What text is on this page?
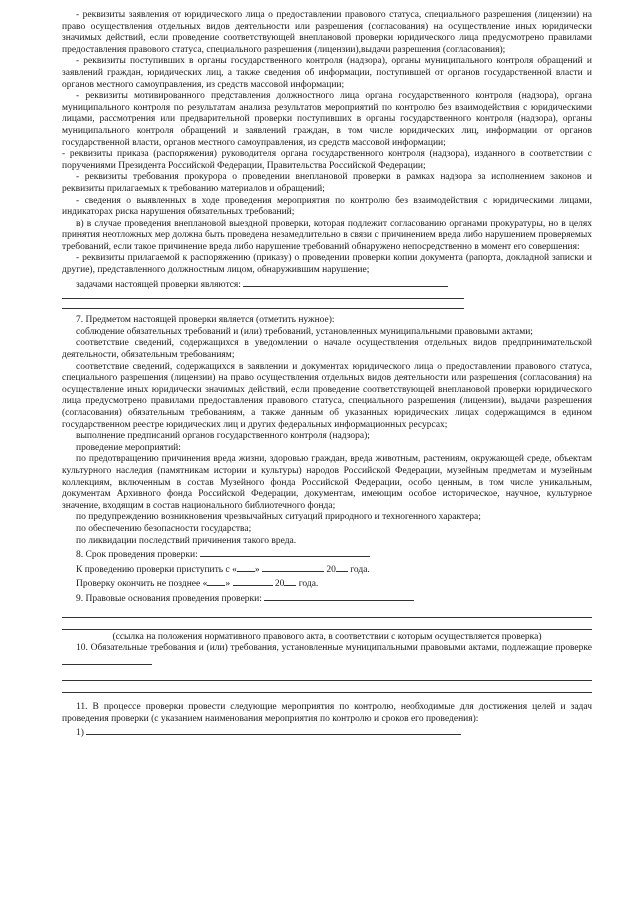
- реквизиты заявления от юридического лица о предоставлении правового статуса, специального разрешения (лицензии) на право осуществления отдельных видов деятельности или разрешения (согласования) на осуществление иных юридически значимых действий, если проведение соответствующей внеплановой проверки юридического лица предусмотрено правилами предоставления правового статуса, специального разрешения (лицензии),выдачи разрешения (согласования);

- реквизиты поступивших в органы государственного контроля (надзора), органы муниципального контроля обращений и заявлений граждан, юридических лиц, а также сведения об информации, поступившей от органов государственной власти и органов местного самоуправления, из средств массовой информации;

- реквизиты мотивированного представления должностного лица органа государственного контроля (надзора), органа муниципального контроля по результатам анализа результатов мероприятий по контролю без взаимодействия с юридическими лицами, рассмотрения или предварительной проверки поступивших в органы государственного контроля (надзора), органы муниципального контроля обращений и заявлений граждан, в том числе юридических лиц, информации от органов государственной власти, органов местного самоуправления, из средств массовой информации;

- реквизиты приказа (распоряжения) руководителя органа государственного контроля (надзора), изданного в соответствии с поручениями Президента Российской Федерации, Правительства Российской Федерации;

- реквизиты требования прокурора о проведении внеплановой проверки в рамках надзора за исполнением законов и реквизиты прилагаемых к требованию материалов и обращений;

- сведения о выявленных в ходе проведения мероприятия по контролю без взаимодействия с юридическими лицами, индикаторах риска нарушения обязательных требований;

в) в случае проведения внеплановой выездной проверки, которая подлежит согласованию органами прокуратуры, но в целях принятия неотложных мер должна быть проведена незамедлительно в связи с причинением вреда либо нарушением проверяемых требований, если такое причинение вреда либо нарушение требований обнаружено непосредственно в момент его совершения:

- реквизиты прилагаемой к распоряжению (приказу) о проведении проверки копии документа (рапорта, докладной записки и другие), представленного должностным лицом, обнаружившим нарушение;

задачами настоящей проверки являются:

7. Предметом настоящей проверки является (отметить нужное):

соблюдение обязательных требований и (или) требований, установленных муниципальными правовыми актами;

соответствие сведений, содержащихся в уведомлении о начале осуществления отдельных видов предпринимательской деятельности, обязательным требованиям;

соответствие сведений, содержащихся в заявлении и документах юридического лица о предоставлении правового статуса, специального разрешения (лицензии) на право осуществления отдельных видов деятельности или разрешения (согласования) на осуществление иных юридически значимых действий, если проведение соответствующей внеплановой проверки юридического лица предусмотрено правилами предоставления правового статуса, специального разрешения (лицензии), выдачи разрешения (согласования) обязательным требованиям, а также данным об указанных юридических лицах содержащимся в едином государственном реестре юридических лиц и других федеральных информационных ресурсах;

выполнение предписаний органов государственного контроля (надзора);

проведение мероприятий:

по предотвращению причинения вреда жизни, здоровью граждан, вреда животным, растениям, окружающей среде, объектам культурного наследия (памятникам истории и культуры) народов Российской Федерации, музейным предметам и музейным коллекциям, включенным в состав Музейного фонда Российской Федерации, особо ценным, в том числе уникальным, документам Архивного фонда Российской Федерации, документам, имеющим особое историческое, научное, культурное значение, входящим в состав национального библиотечного фонда;

по предупреждению возникновения чрезвычайных ситуаций природного и техногенного характера;

по обеспечению безопасности государства;

по ликвидации последствий причинения такого вреда.

8. Срок проведения проверки:

К проведению проверки приступить с « »	20 года.

Проверку окончить не позднее « »	20 года.

9. Правовые основания проведения проверки:

(ссылка на положения нормативного правового акта, в соответствии с которым осуществляется проверка)

10. Обязательные требования и (или) требования, установленные муниципальными правовыми актами, подлежащие проверке

11. В процессе проверки провести следующие мероприятия по контролю, необходимые для достижения целей и задач проведения проверки (с указанием наименования мероприятия по контролю и сроков его проведения):

1)
